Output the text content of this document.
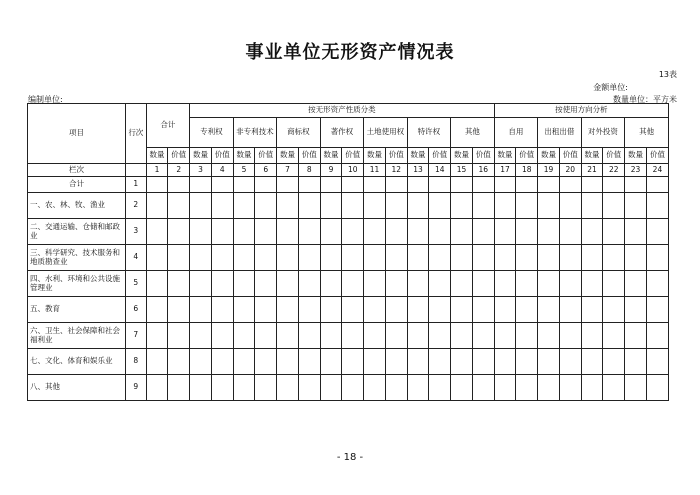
事业单位无形资产情况表
13表
金额单位:
数量单位：平方米
编制单位:
项目	行次	合计		按无形资产性质分类														按使用方向分析							
				专利权		非专利技术		商标权		著作权		土地使用权		特许权		其他		自用		出租出借		对外投资		其他	
		数量	价值	数量	价值	数量	价值	数量	价值	数量	价值	数量	价值	数量	价值	数量	价值	数量	价值	数量	价值	数量	价值	数量	价值
栏次		1	2	3	4	5	6	7	8	9	10	11	12	13	14	15	16	17	18	19	20	21	22	23	24
合计	1																								
一、农、林、牧、渔业	2																								
二、交通运输、仓储和邮政业	3																								
三、科学研究、技术服务和地质勘查业	4																								
四、水利、环境和公共设施管理业	5																								
五、教育	6																								
六、卫生、社会保障和社会福利业	7																								
七、文化、体育和娱乐业	8																								
八、其他	9																								
- 18 -
